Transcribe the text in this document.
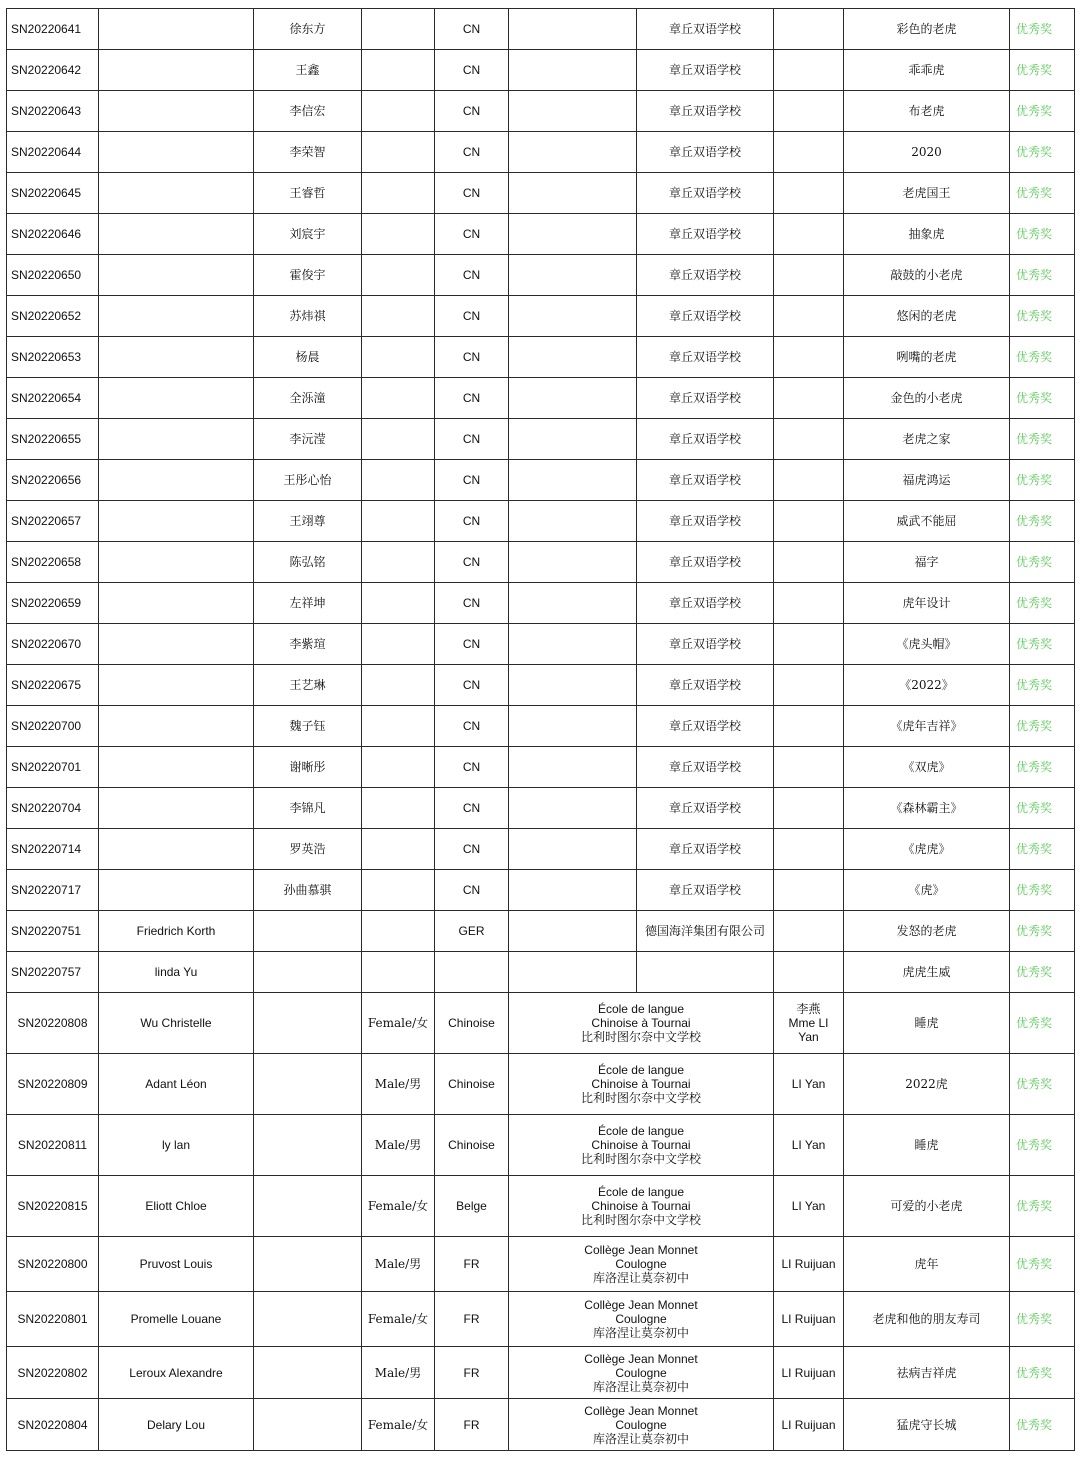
SN20220641		徐东方		CN		章丘双语学校		彩色的老虎	优秀奖
SN20220642		王鑫		CN		章丘双语学校		乖乖虎	优秀奖
SN20220643		李信宏		CN		章丘双语学校		布老虎	优秀奖
SN20220644		李荣智		CN		章丘双语学校		2020	优秀奖
SN20220645		王睿哲		CN		章丘双语学校		老虎国王	优秀奖
SN20220646		刘宸宇		CN		章丘双语学校		抽象虎	优秀奖
SN20220650		霍俊宇		CN		章丘双语学校		敲鼓的小老虎	优秀奖
SN20220652		苏炜祺		CN		章丘双语学校		悠闲的老虎	优秀奖
SN20220653		杨晨		CN		章丘双语学校		咧嘴的老虎	优秀奖
SN20220654		全泺潼		CN		章丘双语学校		金色的小老虎	优秀奖
SN20220655		李沅滢		CN		章丘双语学校		老虎之家	优秀奖
SN20220656		王彤心怡		CN		章丘双语学校		福虎鸿运	优秀奖
SN20220657		王翊尊		CN		章丘双语学校		威武不能屈	优秀奖
SN20220658		陈弘铭		CN		章丘双语学校		福字	优秀奖
SN20220659		左祥坤		CN		章丘双语学校		虎年设计	优秀奖
SN20220670		李紫瑄		CN		章丘双语学校		《虎头帽》	优秀奖
SN20220675		王艺琳		CN		章丘双语学校		《2022》	优秀奖
SN20220700		魏子钰		CN		章丘双语学校		《虎年吉祥》	优秀奖
SN20220701		谢晰彤		CN		章丘双语学校		《双虎》	优秀奖
SN20220704		李锦凡		CN		章丘双语学校		《森林霸主》	优秀奖
SN20220714		罗英浩		CN		章丘双语学校		《虎虎》	优秀奖
SN20220717		孙曲慕骐		CN		章丘双语学校		《虎》	优秀奖
SN20220751	Friedrich Korth			GER		德国海洋集团有限公司		发怒的老虎	优秀奖
SN20220757	linda Yu							虎虎生威	优秀奖
SN20220808	Wu Christelle		Female/女	Chinoise	École de langue
Chinoise à Tournai
比利时图尔奈中文学校		李燕
Mme LI
Yan	睡虎	优秀奖
SN20220809	Adant Léon		Male/男	Chinoise	École de langue
Chinoise à Tournai
比利时图尔奈中文学校		LI Yan	2022虎	优秀奖
SN20220811	ly lan		Male/男	Chinoise	École de langue
Chinoise à Tournai
比利时图尔奈中文学校		LI Yan	睡虎	优秀奖
SN20220815	Eliott Chloe		Female/女	Belge	École de langue
Chinoise à Tournai
比利时图尔奈中文学校		LI Yan	可爱的小老虎	优秀奖
SN20220800	Pruvost Louis		Male/男	FR	Collège Jean Monnet
Coulogne
库洛涅让莫奈初中		LI Ruijuan	虎年	优秀奖
SN20220801	Promelle Louane		Female/女	FR	Collège Jean Monnet
Coulogne
库洛涅让莫奈初中		LI Ruijuan	老虎和他的朋友寿司	优秀奖
SN20220802	Leroux Alexandre		Male/男	FR	Collège Jean Monnet
Coulogne
库洛涅让莫奈初中		LI Ruijuan	祛病吉祥虎	优秀奖
SN20220804	Delary Lou		Female/女	FR	Collège Jean Monnet
Coulogne
库洛涅让莫奈初中		LI Ruijuan	猛虎守长城	优秀奖
